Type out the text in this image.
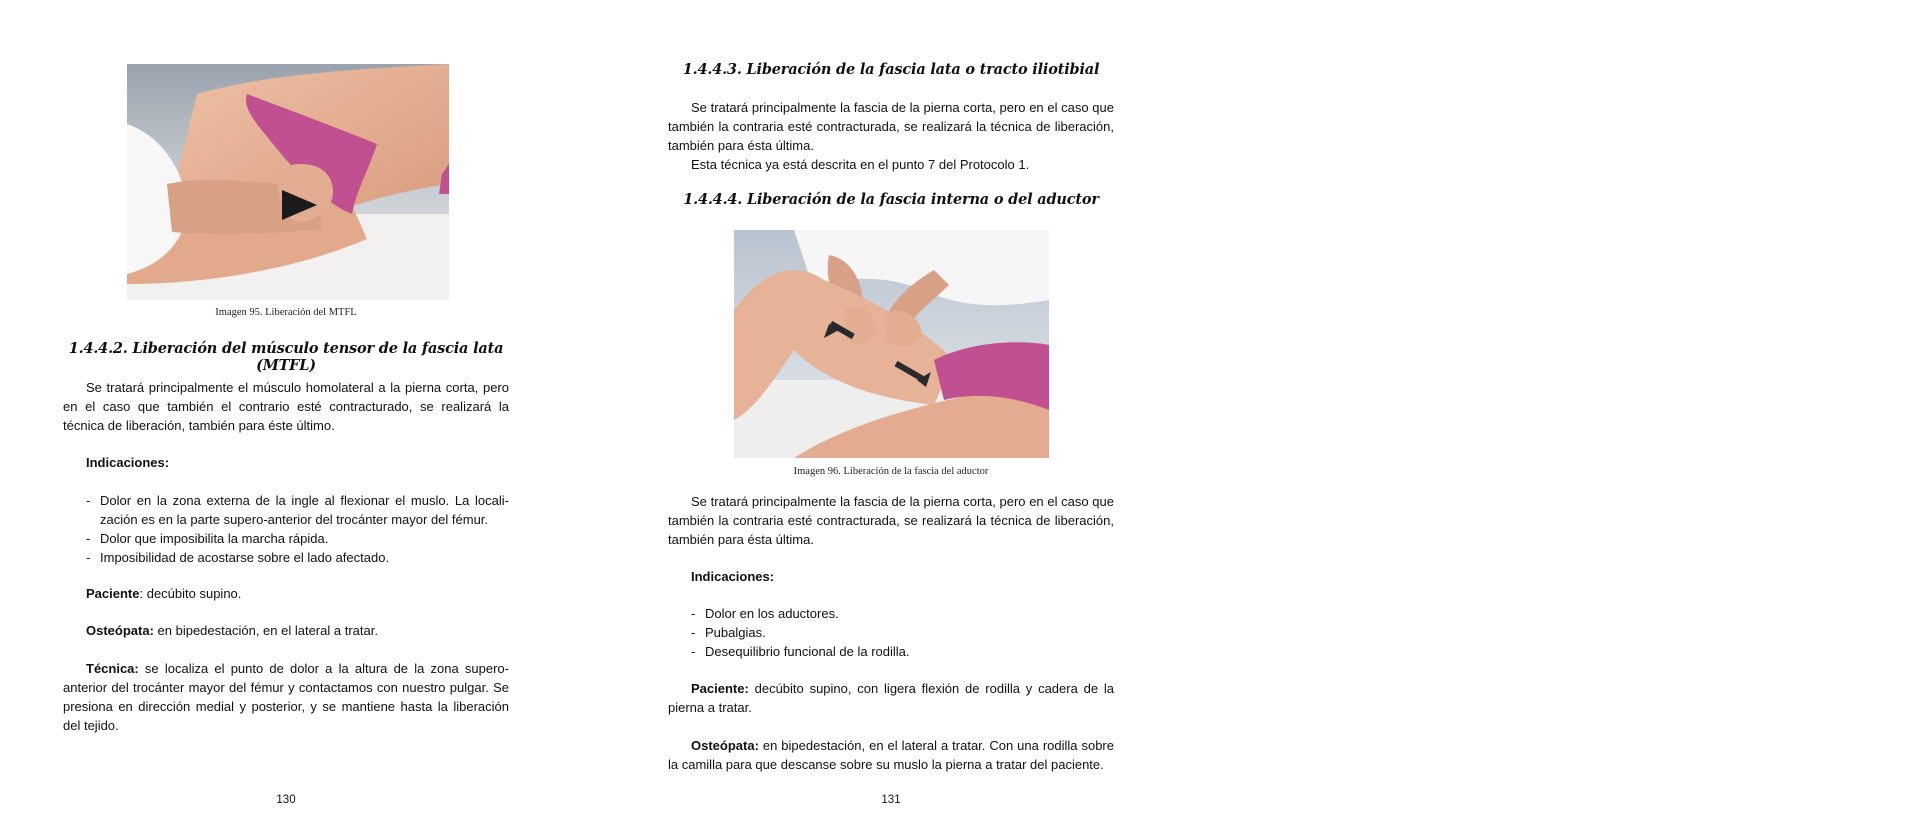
Imagen 95. Liberación del MTFL
1.4.4.2. Liberación del músculo tensor de la fascia lata (MTFL)

Se tratará principalmente el músculo homolateral a la pierna corta, pero en el caso que también el contrario esté contracturado, se realizará la técnica de liberación, también para éste último.

Indicaciones:

- Dolor en la zona externa de la ingle al flexionar el muslo. La localización es en la parte supero-anterior del trocánter mayor del fémur.
- Dolor que imposibilita la marcha rápida.
- Imposibilidad de acostarse sobre el lado afectado.

Paciente: decúbito supino.

Osteópata: en bipedestación, en el lateral a tratar.

Técnica: se localiza el punto de dolor a la altura de la zona supero-anterior del trocánter mayor del fémur y contactamos con nuestro pulgar. Se presiona en dirección medial y posterior, y se mantiene hasta la liberación del tejido.

130
1.4.4.3. Liberación de la fascia lata o tracto iliotibial

Se tratará principalmente la fascia de la pierna corta, pero en el caso que también la contraria esté contracturada, se realizará la técnica de liberación, también para ésta última.

Esta técnica ya está descrita en el punto 7 del Protocolo 1.

1.4.4.4. Liberación de la fascia interna o del aductor
Imagen 96. Liberación de la fascia del aductor

Se tratará principalmente la fascia de la pierna corta, pero en el caso que también la contraria esté contracturada, se realizará la técnica de liberación, también para ésta última.

Indicaciones:

- Dolor en los aductores.
- Pubalgias.
- Desequilibrio funcional de la rodilla.

Paciente: decúbito supino, con ligera flexión de rodilla y cadera de la pierna a tratar.

Osteópata: en bipedestación, en el lateral a tratar. Con una rodilla sobre la camilla para que descanse sobre su muslo la pierna a tratar del paciente.

131
